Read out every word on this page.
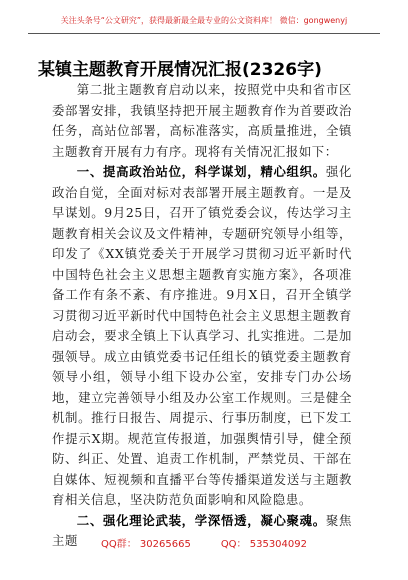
关注头条号“公文研究”，获得最新最全最专业的公文资料库！ 微信：gongwenyj
某镇主题教育开展情况汇报(2326字)

第二批主题教育启动以来，按照党中央和省市区委部署安排，我镇坚持把开展主题教育作为首要政治任务，高站位部署，高标准落实，高质量推进，全镇主题教育开展有力有序。现将有关情况汇报如下：

一、提高政治站位，科学谋划，精心组织。强化政治自觉，全面对标对表部署开展主题教育。一是及早谋划。9月25日，召开了镇党委会议，传达学习主题教育相关会议及文件精神，专题研究领导小组等，印发了《XX镇党委关于开展学习贯彻习近平新时代中国特色社会主义思想主题教育实施方案》，各项准备工作有条不紊、有序推进。9月X日，召开全镇学习贯彻习近平新时代中国特色社会主义思想主题教育启动会，要求全镇上下认真学习、扎实推进。二是加强领导。成立由镇党委书记任组长的镇党委主题教育领导小组，领导小组下设办公室，安排专门办公场地，建立完善领导小组及办公室工作规则。三是健全机制。推行日报告、周提示、行事历制度，已下发工作提示X期。规范宣传报道，加强舆情引导，健全预防、纠正、处置、追责工作机制，严禁党员、干部在自媒体、短视频和直播平台等传播渠道发送与主题教育相关信息，坚决防范负面影响和风险隐患。

二、强化理论武装，学深悟透，凝心聚魂。聚焦主题	QQ群： 30265665	QQ： 535304092
